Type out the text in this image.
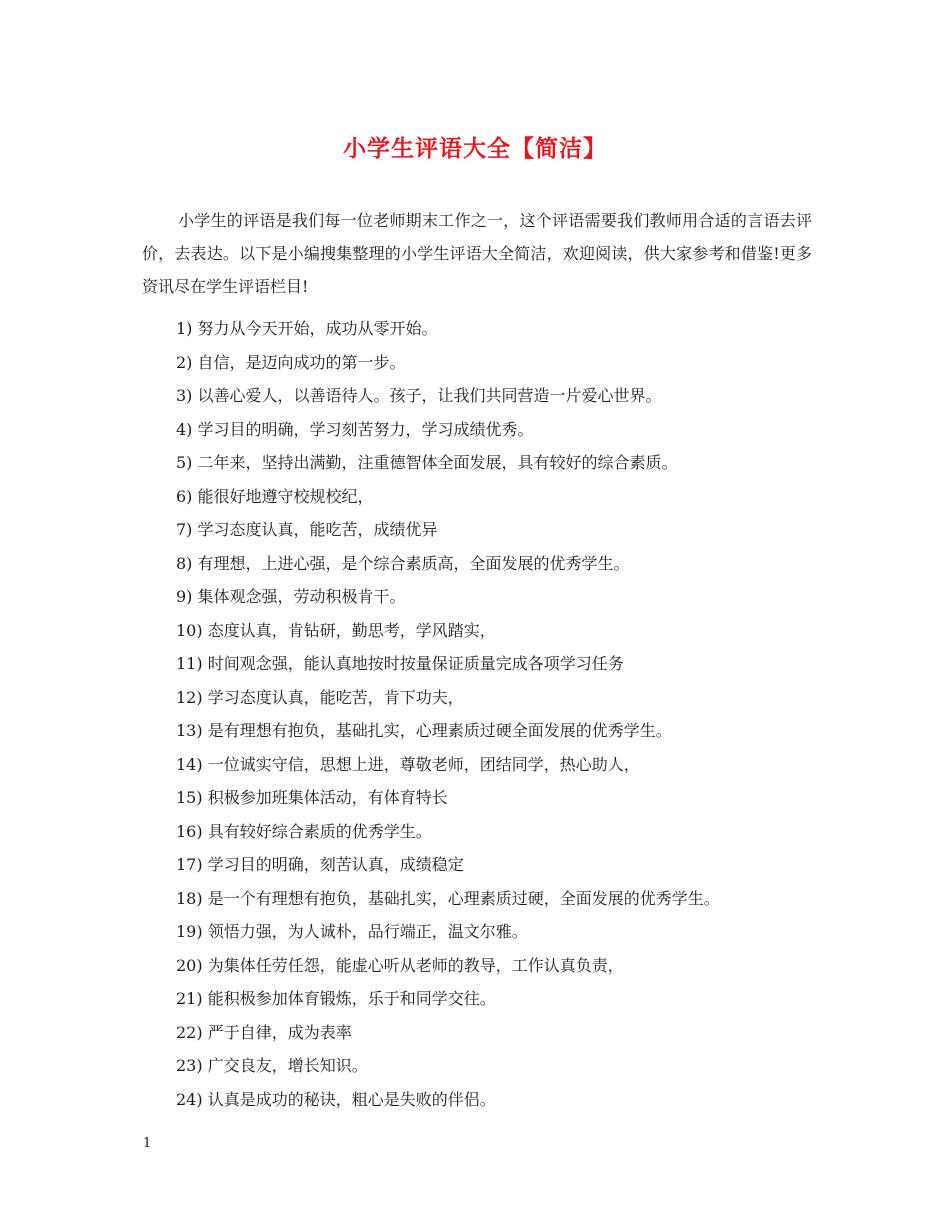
小学生评语大全【简洁】

小学生的评语是我们每一位老师期末工作之一，这个评语需要我们教师用合适的言语去评价，去表达。以下是小编搜集整理的小学生评语大全简洁，欢迎阅读，供大家参考和借鉴!更多资讯尽在学生评语栏目!

1) 努力从今天开始，成功从零开始。
2) 自信，是迈向成功的第一步。
3) 以善心爱人，以善语待人。孩子，让我们共同营造一片爱心世界。
4) 学习目的明确，学习刻苦努力，学习成绩优秀。
5) 二年来，坚持出满勤，注重德智体全面发展，具有较好的综合素质。
6) 能很好地遵守校规校纪，
7) 学习态度认真，能吃苦，成绩优异
8) 有理想，上进心强，是个综合素质高，全面发展的优秀学生。
9) 集体观念强，劳动积极肯干。
10) 态度认真，肯钻研，勤思考，学风踏实，
11) 时间观念强，能认真地按时按量保证质量完成各项学习任务
12) 学习态度认真，能吃苦，肯下功夫，
13) 是有理想有抱负，基础扎实，心理素质过硬全面发展的优秀学生。
14) 一位诚实守信，思想上进，尊敬老师，团结同学，热心助人，
15) 积极参加班集体活动，有体育特长
16) 具有较好综合素质的优秀学生。
17) 学习目的明确，刻苦认真，成绩稳定
18) 是一个有理想有抱负，基础扎实，心理素质过硬，全面发展的优秀学生。
19) 领悟力强，为人诚朴，品行端正，温文尔雅。
20) 为集体任劳任怨，能虚心听从老师的教导，工作认真负责，
21) 能积极参加体育锻炼，乐于和同学交往。
22) 严于自律，成为表率
23) 广交良友，增长知识。
24) 认真是成功的秘诀，粗心是失败的伴侣。
1
